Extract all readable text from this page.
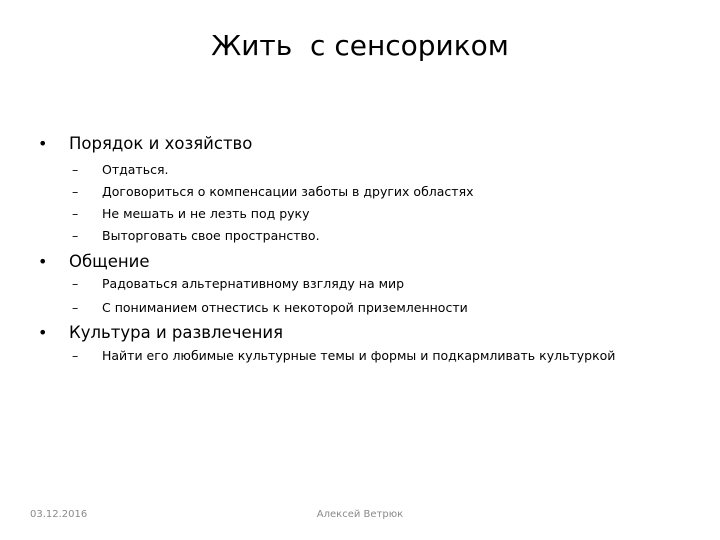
Жить  с сенсориком
• Порядок и хозяйство
– Отдаться.
– Договориться о компенсации заботы в других областях
– Не мешать и не лезть под руку
– Выторговать свое пространство.
• Общение
– Радоваться альтернативному взгляду на мир
– С пониманием отнестись к некоторой приземленности
• Культура и развлечения
– Найти его любимые культурные темы и формы и подкармливать культуркой
03.12.2016	Алексей Ветрюк
